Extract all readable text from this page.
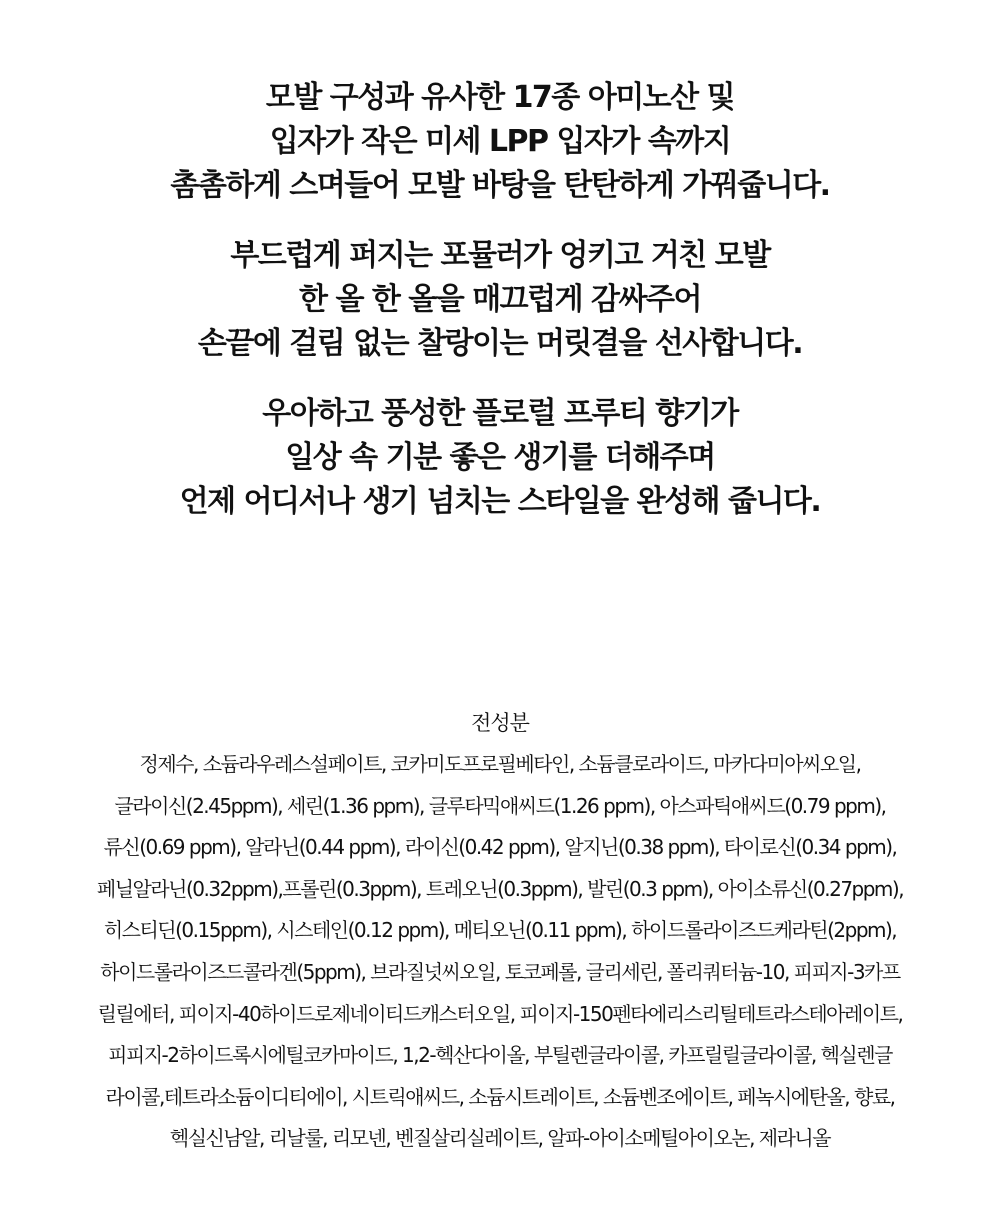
모발 구성과 유사한 17종 아미노산 및
입자가 작은 미세 LPP 입자가 속까지
촘촘하게 스며들어 모발 바탕을 탄탄하게 가꿔줍니다.
부드럽게 퍼지는 포뮬러가 엉키고 거친 모발
한 올 한 올을 매끄럽게 감싸주어
손끝에 걸림 없는 찰랑이는 머릿결을 선사합니다.
우아하고 풍성한 플로럴 프루티 향기가
일상 속 기분 좋은 생기를 더해주며
언제 어디서나 생기 넘치는 스타일을 완성해 줍니다.
전성분
정제수, 소듐라우레스설페이트, 코카미도프로필베타인, 소듐클로라이드, 마카다미아씨오일,
글라이신(2.45ppm), 세린(1.36 ppm), 글루타믹애씨드(1.26 ppm), 아스파틱애씨드(0.79 ppm),
류신(0.69 ppm), 알라닌(0.44 ppm), 라이신(0.42 ppm), 알지닌(0.38 ppm), 타이로신(0.34 ppm),
페닐알라닌(0.32ppm),프롤린(0.3ppm), 트레오닌(0.3ppm), 발린(0.3 ppm), 아이소류신(0.27ppm),
히스티딘(0.15ppm), 시스테인(0.12 ppm), 메티오닌(0.11 ppm), 하이드롤라이즈드케라틴(2ppm),
하이드롤라이즈드콜라겐(5ppm), 브라질넛씨오일, 토코페롤, 글리세린, 폴리쿼터늄-10, 피피지-3카프
릴릴에터, 피이지-40하이드로제네이티드캐스터오일, 피이지-150펜타에리스리틸테트라스테아레이트,
피피지-2하이드록시에틸코카마이드, 1,2-헥산다이올, 부틸렌글라이콜, 카프릴릴글라이콜, 헥실렌글
라이콜,테트라소듐이디티에이, 시트릭애씨드, 소듐시트레이트, 소듐벤조에이트, 페녹시에탄올, 향료,
헥실신남알, 리날룰, 리모넨, 벤질살리실레이트, 알파-아이소메틸아이오논, 제라니올
